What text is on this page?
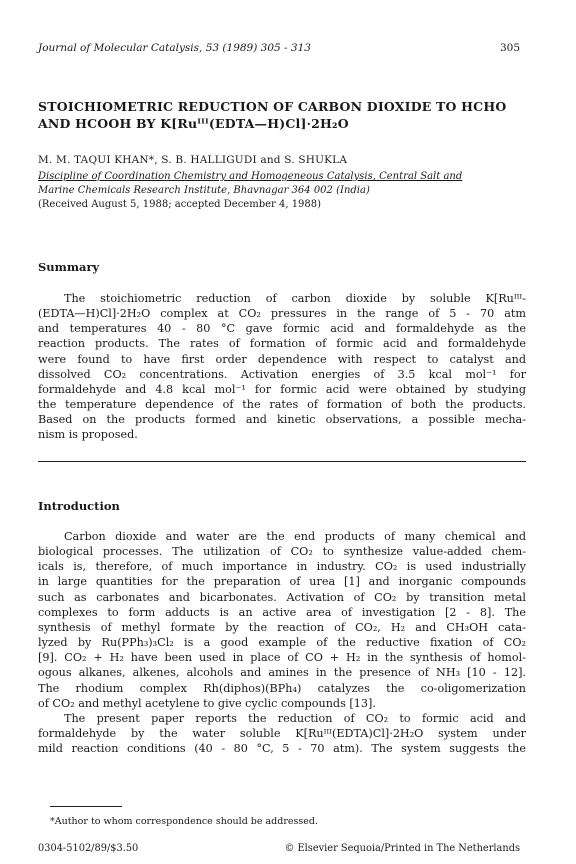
Journal of Molecular Catalysis, 53 (1989) 305 - 313	305
STOICHIOMETRIC REDUCTION OF CARBON DIOXIDE TO HCHO
AND HCOOH BY K[Ruᴵᴵᴵ(EDTA—H)Cl]·2H₂O
M. M. TAQUI KHAN*, S. B. HALLIGUDI and S. SHUKLA
Discipline of Coordination Chemistry and Homogeneous Catalysis, Central Salt and
Marine Chemicals Research Institute, Bhavnagar 364 002 (India)
(Received August 5, 1988; accepted December 4, 1988)
Summary
The stoichiometric reduction of carbon dioxide by soluble K[Ruᴵᴵᴵ-
(EDTA—H)Cl]·2H₂O complex at CO₂ pressures in the range of 5 - 70 atm
and temperatures 40 - 80 °C gave formic acid and formaldehyde as the
reaction products. The rates of formation of formic acid and formaldehyde
were found to have first order dependence with respect to catalyst and
dissolved CO₂ concentrations. Activation energies of 3.5 kcal mol⁻¹ for
formaldehyde and 4.8 kcal mol⁻¹ for formic acid were obtained by studying
the temperature dependence of the rates of formation of both the products.
Based on the products formed and kinetic observations, a possible mecha-
nism is proposed.
Introduction
Carbon dioxide and water are the end products of many chemical and
biological processes. The utilization of CO₂ to synthesize value-added chem-
icals is, therefore, of much importance in industry. CO₂ is used industrially
in large quantities for the preparation of urea [1] and inorganic compounds
such as carbonates and bicarbonates. Activation of CO₂ by transition metal
complexes to form adducts is an active area of investigation [2 - 8]. The
synthesis of methyl formate by the reaction of CO₂, H₂ and CH₃OH cata-
lyzed by Ru(PPh₃)₃Cl₂ is a good example of the reductive fixation of CO₂
[9]. CO₂ + H₂ have been used in place of CO + H₂ in the synthesis of homol-
ogous alkanes, alkenes, alcohols and amines in the presence of NH₃ [10 - 12].
The rhodium complex Rh(diphos)(BPh₄) catalyzes the co-oligomerization
of CO₂ and methyl acetylene to give cyclic compounds [13].
The present paper reports the reduction of CO₂ to formic acid and
formaldehyde by the water soluble K[Ruᴵᴵᴵ(EDTA)Cl]·2H₂O system under
mild reaction conditions (40 - 80 °C, 5 - 70 atm). The system suggests the
*Author to whom correspondence should be addressed.
0304-5102/89/$3.50	© Elsevier Sequoia/Printed in The Netherlands
